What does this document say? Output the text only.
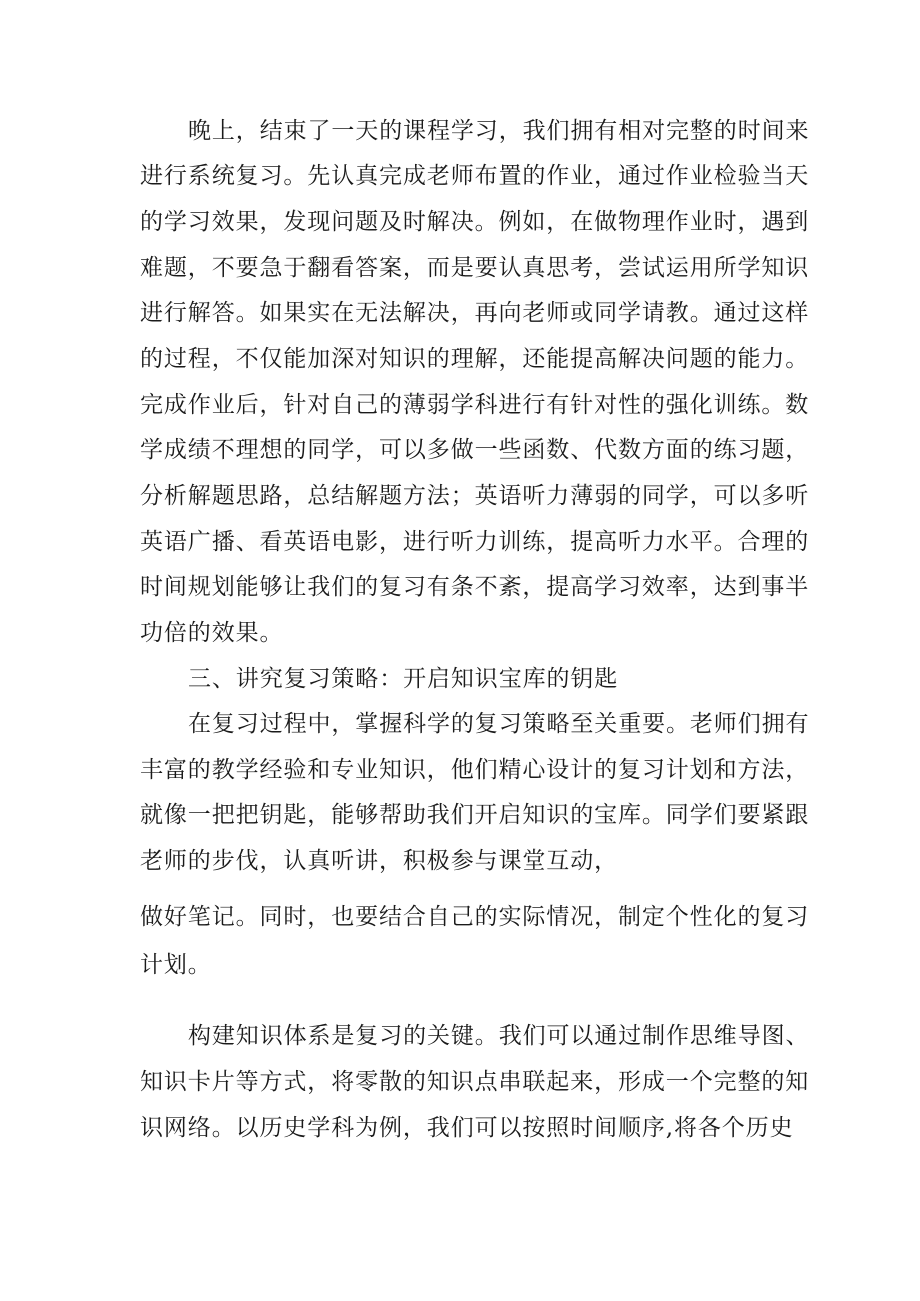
晚上，结束了一天的课程学习，我们拥有相对完整的时间来
进行系统复习。先认真完成老师布置的作业，通过作业检验当天
的学习效果，发现问题及时解决。例如，在做物理作业时，遇到
难题，不要急于翻看答案，而是要认真思考，尝试运用所学知识
进行解答。如果实在无法解决，再向老师或同学请教。通过这样
的过程，不仅能加深对知识的理解，还能提高解决问题的能力。
完成作业后，针对自己的薄弱学科进行有针对性的强化训练。数
学成绩不理想的同学，可以多做一些函数、代数方面的练习题，
分析解题思路，总结解题方法；英语听力薄弱的同学，可以多听
英语广播、看英语电影，进行听力训练，提高听力水平。合理的
时间规划能够让我们的复习有条不紊，提高学习效率，达到事半
功倍的效果。
三、讲究复习策略：开启知识宝库的钥匙
在复习过程中，掌握科学的复习策略至关重要。老师们拥有
丰富的教学经验和专业知识，他们精心设计的复习计划和方法，
就像一把把钥匙，能够帮助我们开启知识的宝库。同学们要紧跟
老师的步伐，认真听讲，积极参与课堂互动，
做好笔记。同时，也要结合自己的实际情况，制定个性化的复习
计划。
构建知识体系是复习的关键。我们可以通过制作思维导图、
知识卡片等方式，将零散的知识点串联起来，形成一个完整的知
识网络。以历史学科为例，我们可以按照时间顺序,将各个历史
